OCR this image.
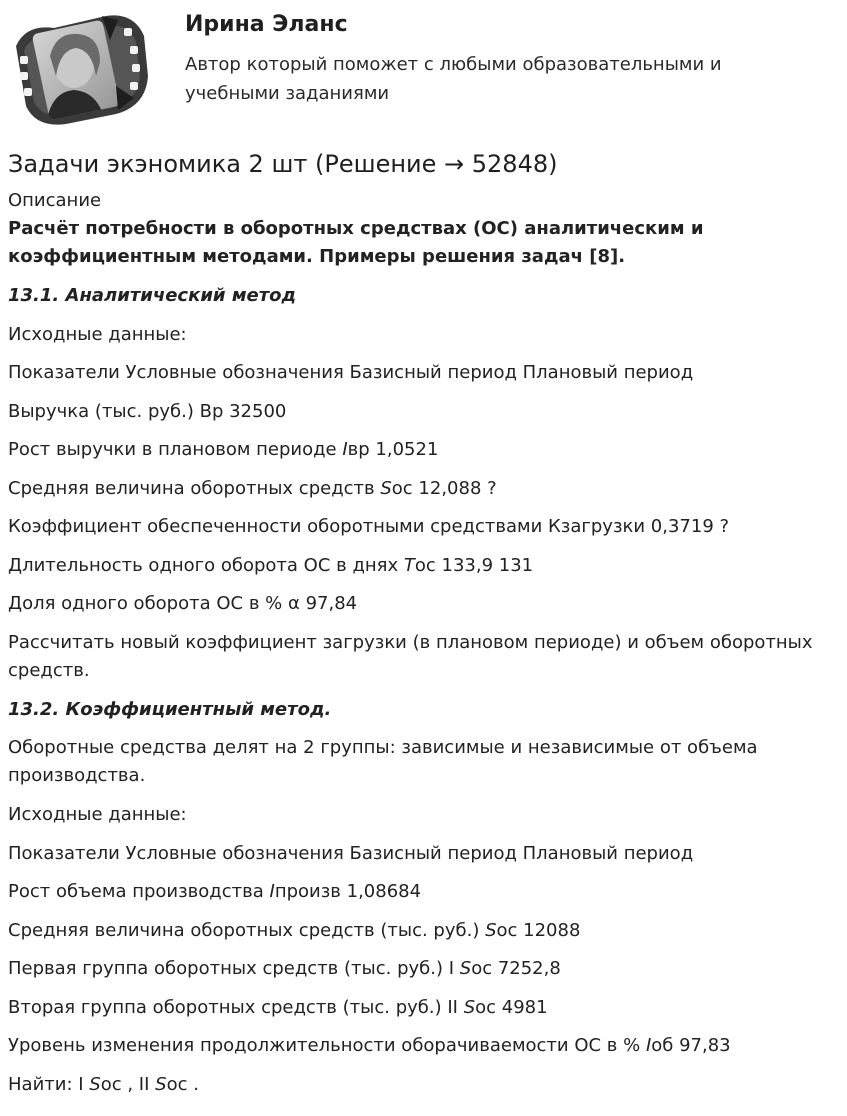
Ирина Эланс
Автор который поможет с любыми образовательными и учебными заданиями
Задачи экэномика 2 шт (Решение → 52848)
Описание
Расчёт потребности в оборотных средствах (ОС) аналитическим и коэффициентным методами. Примеры решения задач [8].
13.1. Аналитический метод
Исходные данные:
Показатели Условные обозначения Базисный период Плановый период
Выручка (тыс. руб.) Вр 32500
Рост выручки в плановом периоде Iвр 1,0521
Средняя величина оборотных средств Sос 12,088 ?
Коэффициент обеспеченности оборотными средствами Кзагрузки 0,3719 ?
Длительность одного оборота ОС в днях Тос 133,9 131
Доля одного оборота ОС в % α 97,84
Рассчитать новый коэффициент загрузки (в плановом периоде) и объем оборотных средств.
13.2. Коэффициентный метод.
Оборотные средства делят на 2 группы: зависимые и независимые от объема производства.
Исходные данные:
Показатели Условные обозначения Базисный период Плановый период
Рост объема производства Iпроизв 1,08684
Средняя величина оборотных средств (тыс. руб.) Sос 12088
Первая группа оборотных средств (тыс. руб.) I Sос 7252,8
Вторая группа оборотных средств (тыс. руб.) II Sос 4981
Уровень изменения продолжительности оборачиваемости ОС в % Iоб 97,83
Найти: I Sос , II Sос .
